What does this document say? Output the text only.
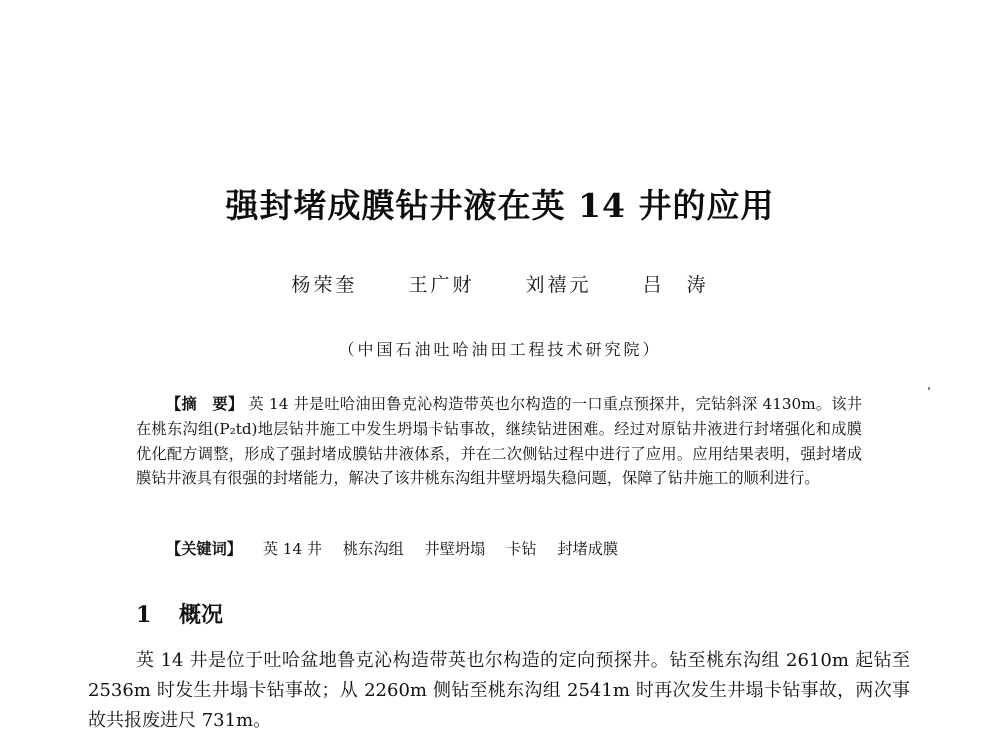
强封堵成膜钻井液在英 14 井的应用
杨荣奎	王广财	刘禧元	吕　涛
（中国石油吐哈油田工程技术研究院）
【摘　要】 英 14 井是吐哈油田鲁克沁构造带英也尔构造的一口重点预探井，完钻斜深 4130m。该井在桃东沟组(P₂td)地层钻井施工中发生坍塌卡钻事故，继续钻进困难。经过对原钻井液进行封堵强化和成膜优化配方调整，形成了强封堵成膜钻井液体系，并在二次侧钻过程中进行了应用。应用结果表明，强封堵成膜钻井液具有很强的封堵能力，解决了该井桃东沟组井壁坍塌失稳问题，保障了钻井施工的顺利进行。
【关键词】 英 14 井 桃东沟组 井壁坍塌 卡钻 封堵成膜
1 概况
英 14 井是位于吐哈盆地鲁克沁构造带英也尔构造的定向预探井。钻至桃东沟组 2610m 起钻至 2536m 时发生井塌卡钻事故；从 2260m 侧钻至桃东沟组 2541m 时再次发生井塌卡钻事故，两次事故共报废进尺 731m。
